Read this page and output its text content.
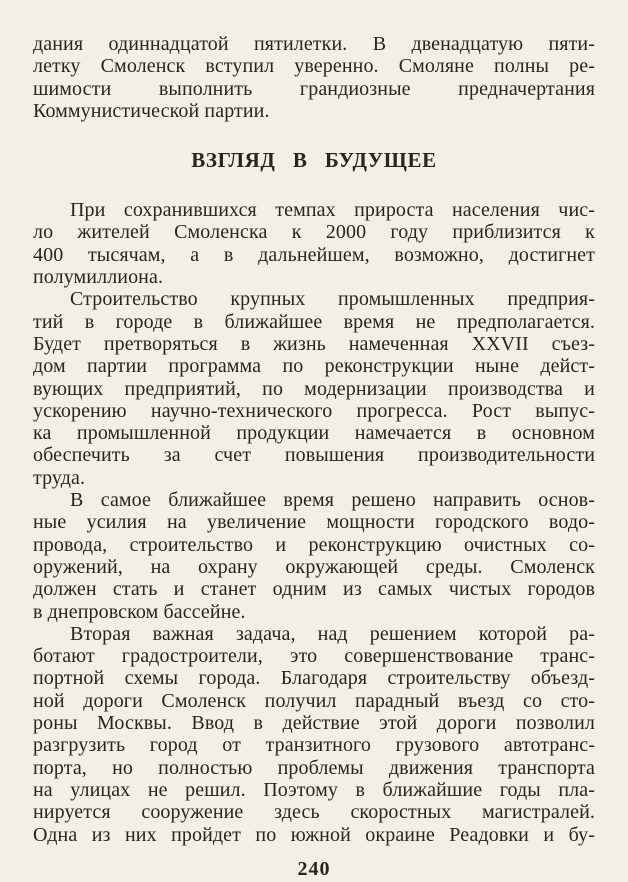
дания одиннадцатой пятилетки. В двенадцатую пяти-
летку Смоленск вступил уверенно. Смоляне полны ре-
шимости выполнить грандиозные предначертания
Коммунистической партии.
ВЗГЛЯД В БУДУЩЕЕ
При сохранившихся темпах прироста населения чис-
ло жителей Смоленска к 2000 году приблизится к
400 тысячам, а в дальнейшем, возможно, достигнет
полумиллиона.
Строительство крупных промышленных предприя-
тий в городе в ближайшее время не предполагается.
Будет претворяться в жизнь намеченная XXVII съез-
дом партии программа по реконструкции ныне дейст-
вующих предприятий, по модернизации производства и
ускорению научно-технического прогресса. Рост выпус-
ка промышленной продукции намечается в основном
обеспечить за счет повышения производительности
труда.
В самое ближайшее время решено направить основ-
ные усилия на увеличение мощности городского водо-
провода, строительство и реконструкцию очистных со-
оружений, на охрану окружающей среды. Смоленск
должен стать и станет одним из самых чистых городов
в днепровском бассейне.
Вторая важная задача, над решением которой ра-
ботают градостроители, это совершенствование транс-
портной схемы города. Благодаря строительству объезд-
ной дороги Смоленск получил парадный въезд со сто-
роны Москвы. Ввод в действие этой дороги позволил
разгрузить город от транзитного грузового автотранс-
порта, но полностью проблемы движения транспорта
на улицах не решил. Поэтому в ближайшие годы пла-
нируется сооружение здесь скоростных магистралей.
Одна из них пройдет по южной окраине Реадовки и бу-
240
